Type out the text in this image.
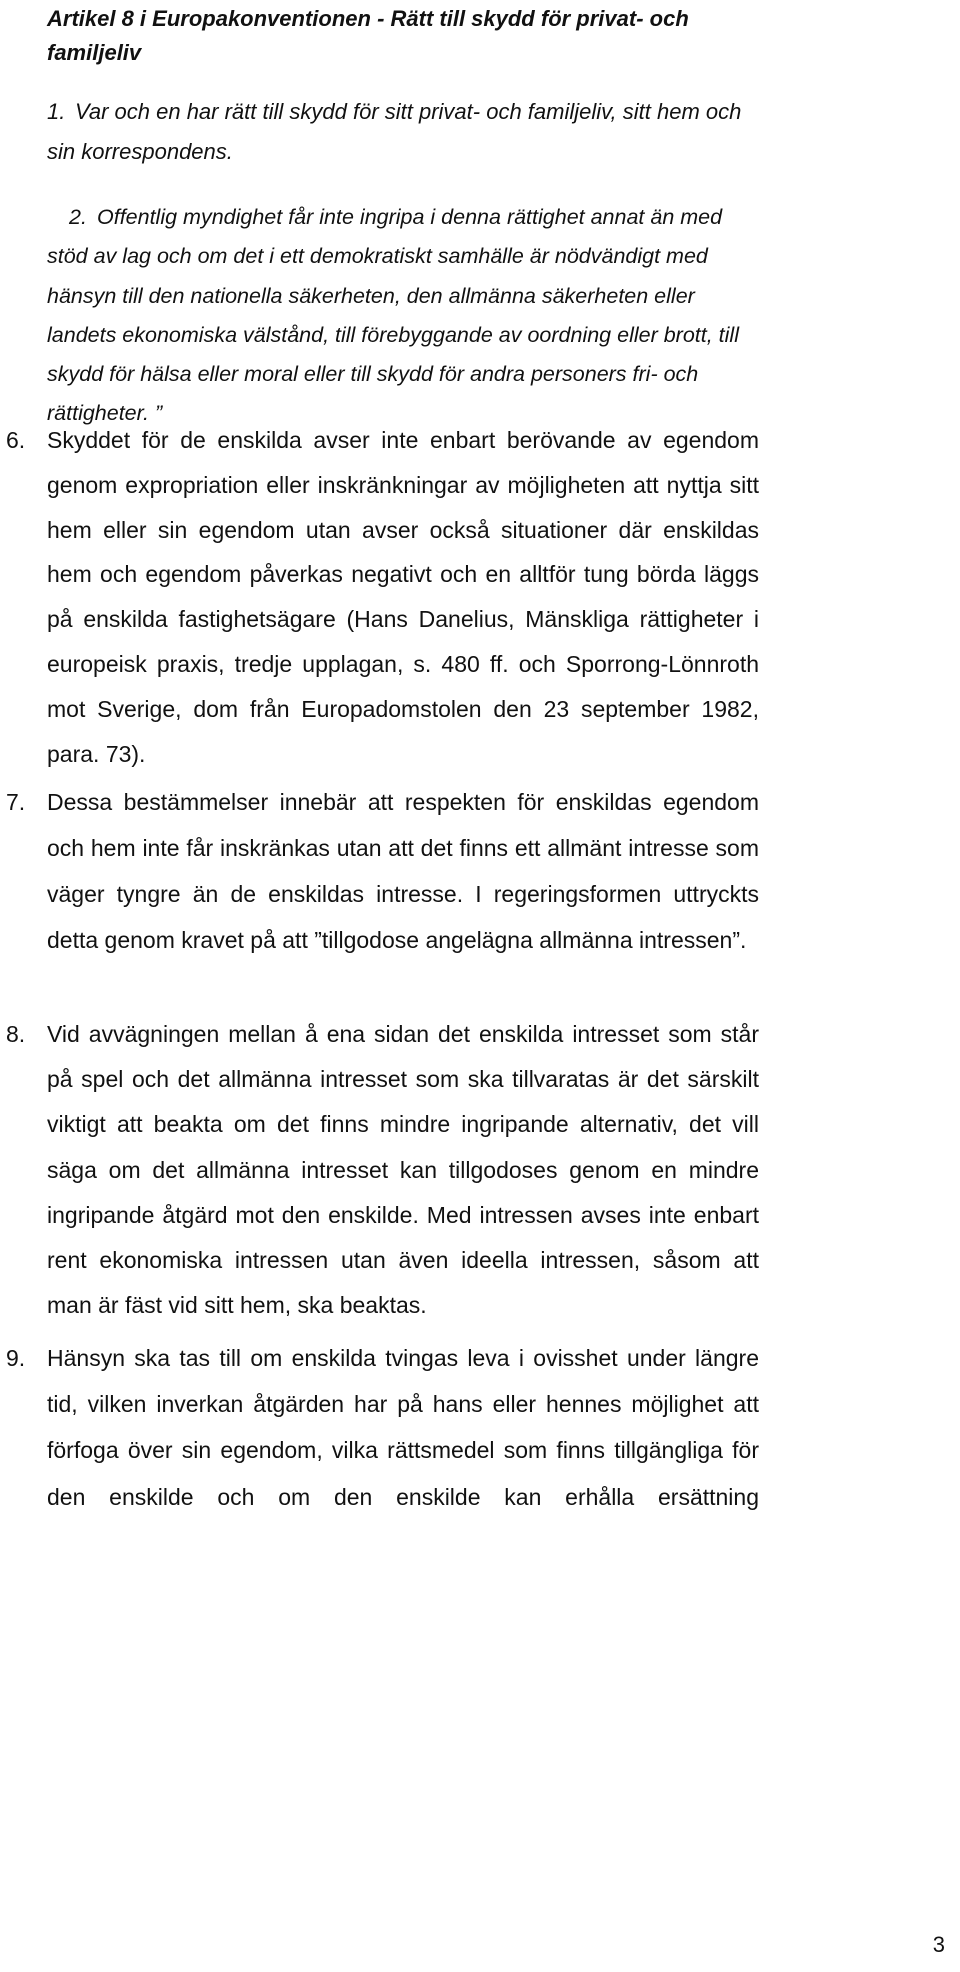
Artikel 8 i Europakonventionen - Rätt till skydd för privat- och familjeliv
1. Var och en har rätt till skydd för sitt privat- och familjeliv, sitt hem och sin korrespondens.
2. Offentlig myndighet får inte ingripa i denna rättighet annat än med stöd av lag och om det i ett demokratiskt samhälle är nödvändigt med hänsyn till den nationella säkerheten, den allmänna säkerheten eller landets ekonomiska välstånd, till förebyggande av oordning eller brott, till skydd för hälsa eller moral eller till skydd för andra personers fri- och rättigheter. ”
6. Skyddet för de enskilda avser inte enbart berövande av egendom genom expropriation eller inskränkningar av möjligheten att nyttja sitt hem eller sin egendom utan avser också situationer där enskildas hem och egendom påverkas negativt och en alltför tung börda läggs på enskilda fastighetsägare (Hans Danelius, Mänskliga rättigheter i europeisk praxis, tredje upplagan, s. 480 ff. och Sporrong-Lönnroth mot Sverige, dom från Europadomstolen den 23 september 1982, para. 73).
7. Dessa bestämmelser innebär att respekten för enskildas egendom och hem inte får inskränkas utan att det finns ett allmänt intresse som väger tyngre än de enskildas intresse. I regeringsformen uttryckts detta genom kravet på att ”tillgodose angelägna allmänna intressen”.
8. Vid avvägningen mellan å ena sidan det enskilda intresset som står på spel och det allmänna intresset som ska tillvaratas är det särskilt viktigt att beakta om det finns mindre ingripande alternativ, det vill säga om det allmänna intresset kan tillgodoses genom en mindre ingripande åtgärd mot den enskilde. Med intressen avses inte enbart rent ekonomiska intressen utan även ideella intressen, såsom att man är fäst vid sitt hem, ska beaktas.
9. Hänsyn ska tas till om enskilda tvingas leva i ovisshet under längre tid, vilken inverkan åtgärden har på hans eller hennes möjlighet att förfoga över sin egendom, vilka rättsmedel som finns tillgängliga för den enskilde och om den enskilde kan erhålla ersättning
3
